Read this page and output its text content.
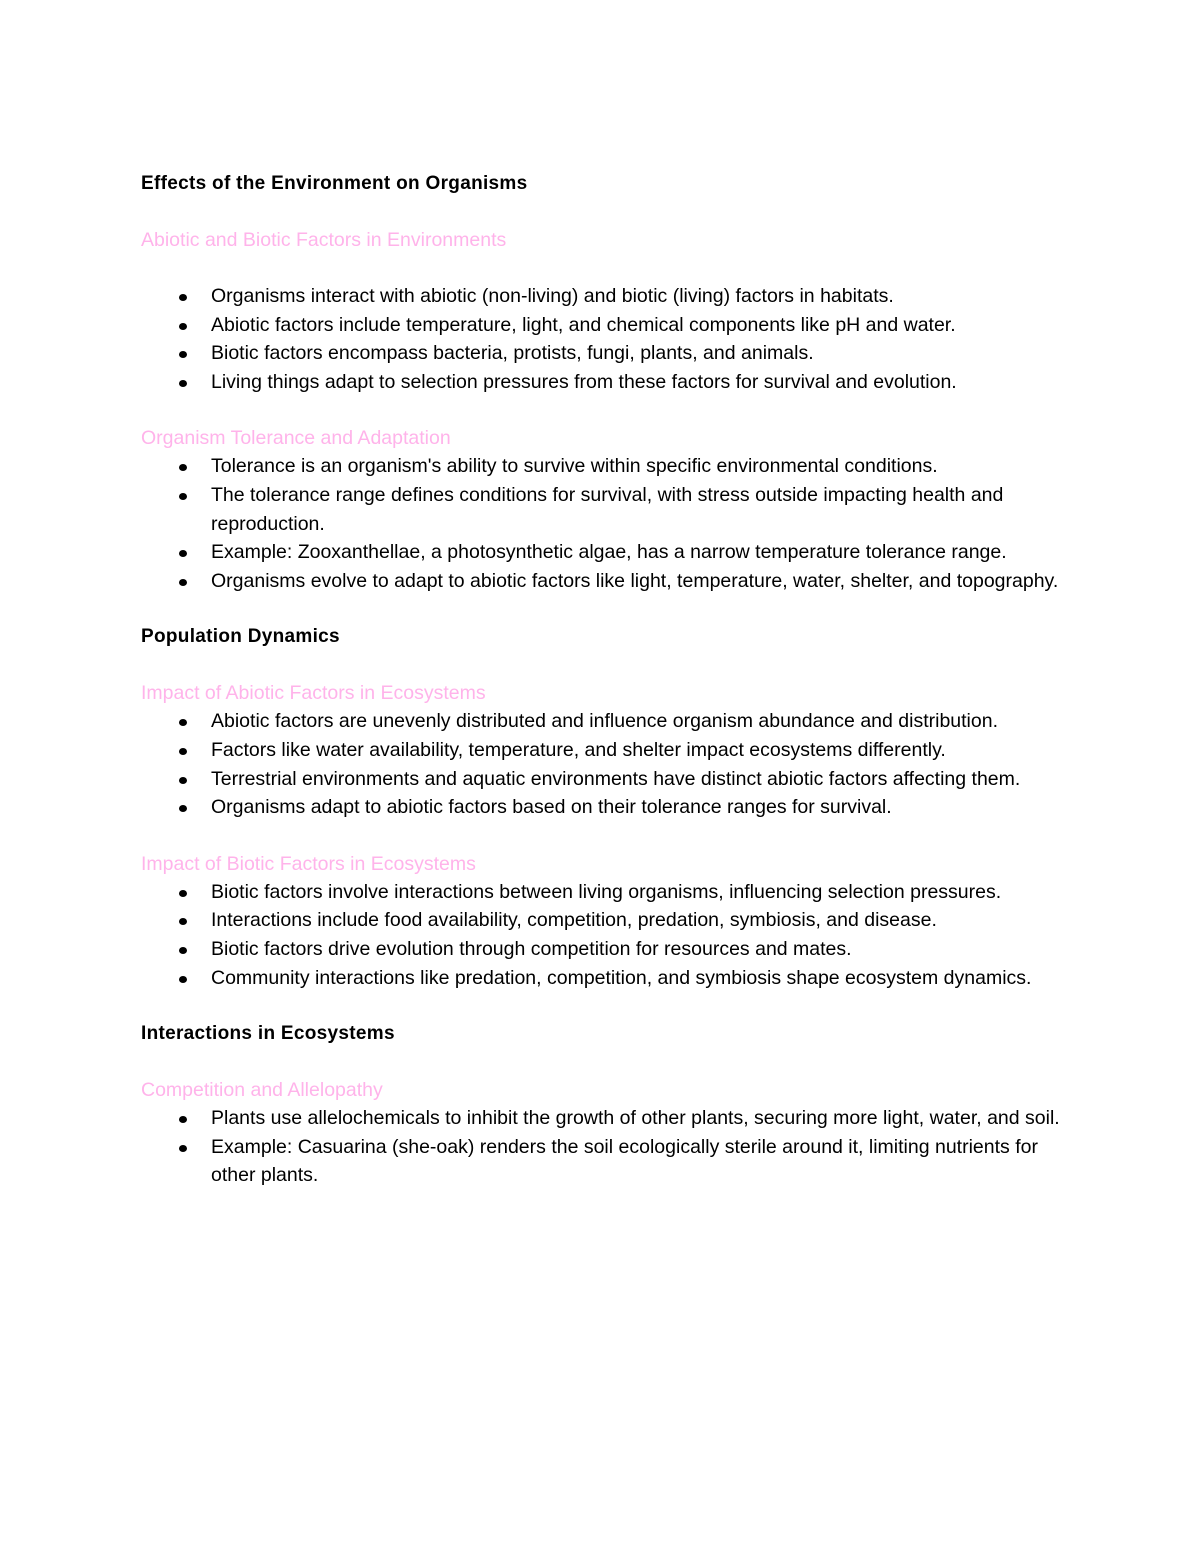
Effects of the Environment on Organisms

Abiotic and Biotic Factors in Environments

Organisms interact with abiotic (non-living) and biotic (living) factors in habitats.
Abiotic factors include temperature, light, and chemical components like pH and water.
Biotic factors encompass bacteria, protists, fungi, plants, and animals.
Living things adapt to selection pressures from these factors for survival and evolution.

Organism Tolerance and Adaptation

Tolerance is an organism's ability to survive within specific environmental conditions.
The tolerance range defines conditions for survival, with stress outside impacting health and reproduction.
Example: Zooxanthellae, a photosynthetic algae, has a narrow temperature tolerance range.
Organisms evolve to adapt to abiotic factors like light, temperature, water, shelter, and topography.

Population Dynamics

Impact of Abiotic Factors in Ecosystems

Abiotic factors are unevenly distributed and influence organism abundance and distribution.
Factors like water availability, temperature, and shelter impact ecosystems differently.
Terrestrial environments and aquatic environments have distinct abiotic factors affecting them.
Organisms adapt to abiotic factors based on their tolerance ranges for survival.

Impact of Biotic Factors in Ecosystems

Biotic factors involve interactions between living organisms, influencing selection pressures.
Interactions include food availability, competition, predation, symbiosis, and disease.
Biotic factors drive evolution through competition for resources and mates.
Community interactions like predation, competition, and symbiosis shape ecosystem dynamics.

Interactions in Ecosystems

Competition and Allelopathy

Plants use allelochemicals to inhibit the growth of other plants, securing more light, water, and soil.
Example: Casuarina (she-oak) renders the soil ecologically sterile around it, limiting nutrients for other plants.
